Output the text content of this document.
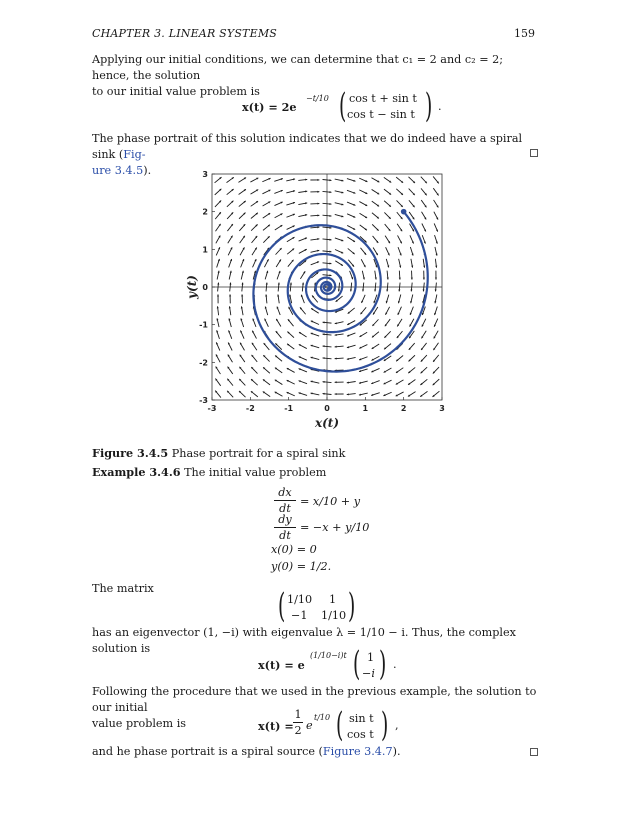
CHAPTER 3. LINEAR SYSTEMS	159
Applying our initial conditions, we can determine that c₁ = 2 and c₂ = 2; hence, the solution
to our initial value problem is
x(t) = 2e
−t/10 ( cos t + sin t
cos t − sin t ) .
The phase portrait of this solution indicates that we do indeed have a spiral sink (Fig-
ure 3.4.5).
-3	-2	-1	0	1	2	3
3
2
1
0
-1
-2
-3
x(t)
y(t)
Figure 3.4.5 Phase portrait for a spiral sink
Example 3.4.6 The initial value problem
dx
dt
= x/10 + y
dy
dt
= −x + y/10
x(0) = 0
y(0) = 1/2.
The matrix	( 1/10 1
−1 1/10 )
has an eigenvector (1, −i) with eigenvalue λ = 1/10 − i. Thus, the complex solution is
x(t) = e
(1/10−i)t ( 1
−i ) .
Following the procedure that we used in the previous example, the solution to our initial
value problem is	x(t) =
1
2 e
t/10 ( sin t
cos t ) ,
and he phase portrait is a spiral source (Figure 3.4.7).
